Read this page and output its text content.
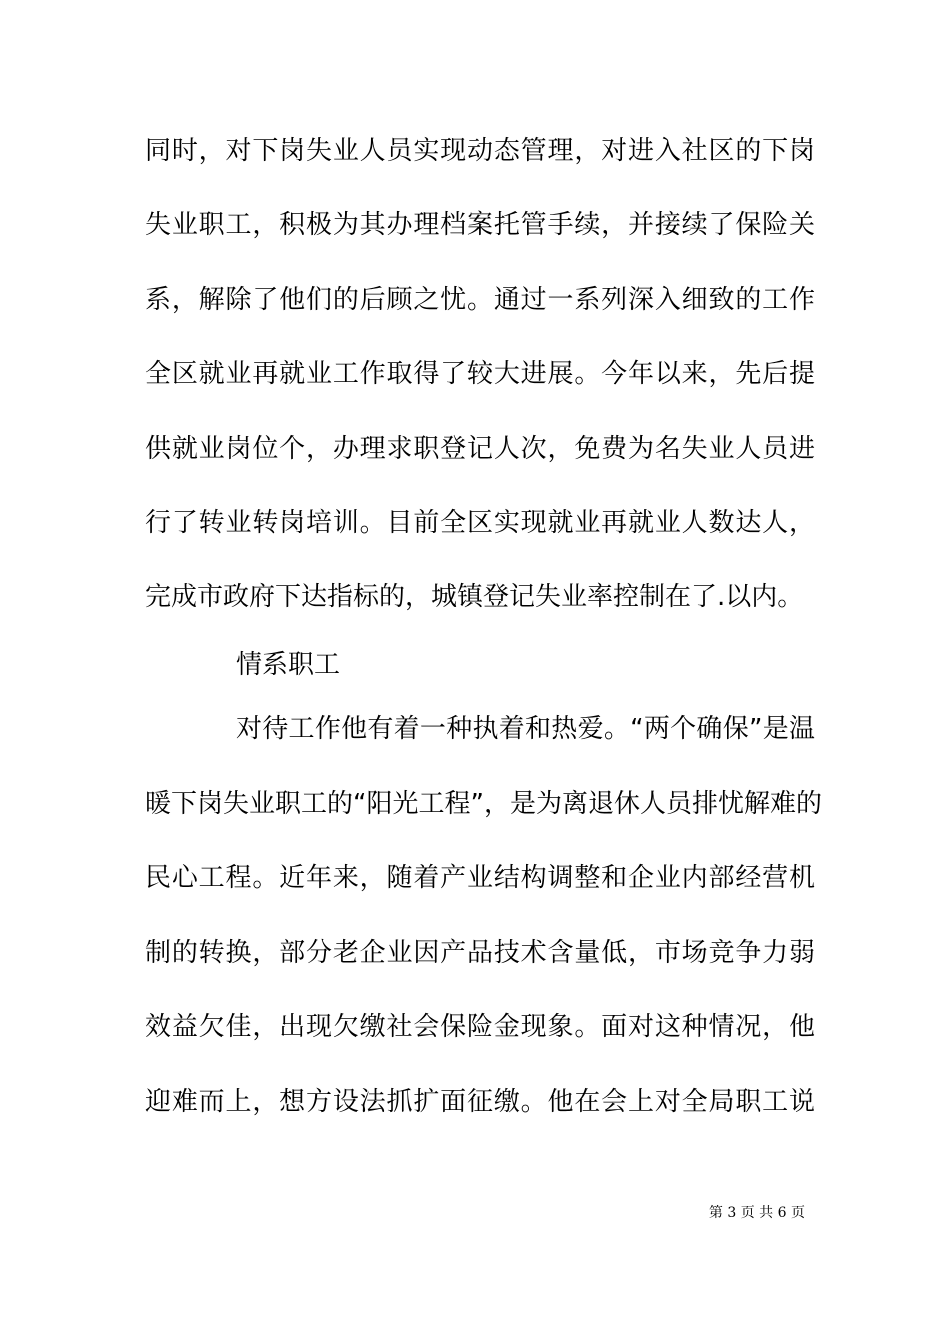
同时，对下岗失业人员实现动态管理，对进入社区的下岗
失业职工，积极为其办理档案托管手续，并接续了保险关
系，解除了他们的后顾之忧。通过一系列深入细致的工作
全区就业再就业工作取得了较大进展。今年以来，先后提
供就业岗位个，办理求职登记人次，免费为名失业人员进
行了转业转岗培训。目前全区实现就业再就业人数达人，
完成市政府下达指标的，城镇登记失业率控制在了.以内。
情系职工
对待工作他有着一种执着和热爱。“两个确保”是温
暖下岗失业职工的“阳光工程”，是为离退休人员排忧解难的
民心工程。近年来，随着产业结构调整和企业内部经营机
制的转换，部分老企业因产品技术含量低，市场竞争力弱
效益欠佳，出现欠缴社会保险金现象。面对这种情况，他
迎难而上，想方设法抓扩面征缴。他在会上对全局职工说
第 3 页 共 6 页
